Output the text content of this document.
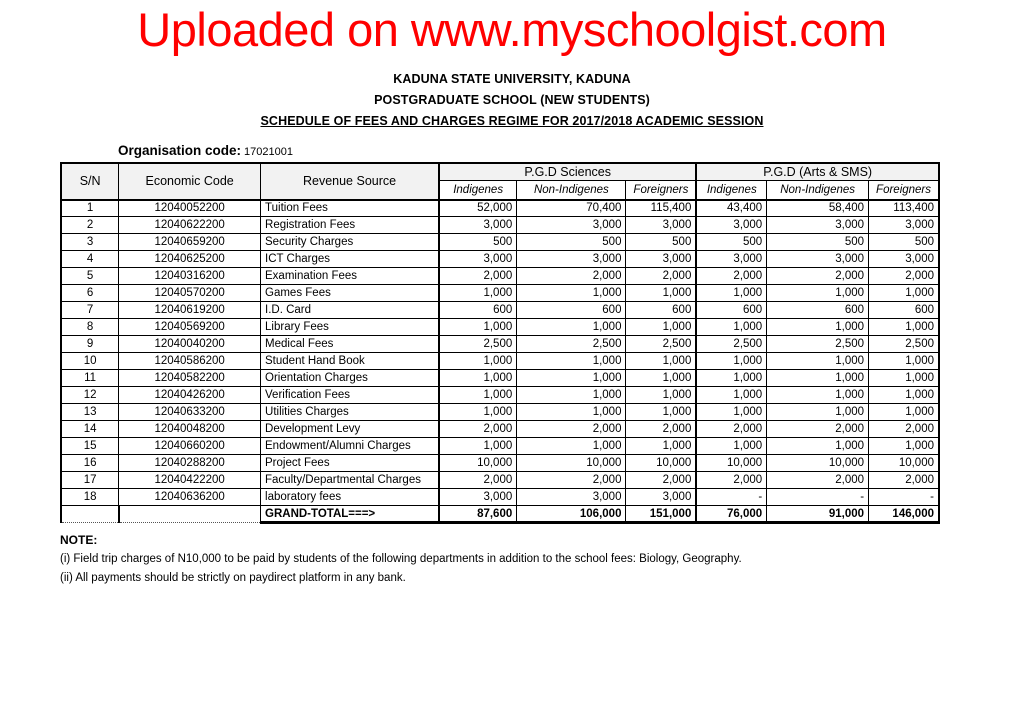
Uploaded on www.myschoolgist.com
KADUNA STATE UNIVERSITY, KADUNA
POSTGRADUATE SCHOOL (NEW STUDENTS)
SCHEDULE OF FEES AND CHARGES REGIME FOR 2017/2018 ACADEMIC SESSION
Organisation code: 17021001
S/N	Economic Code	Revenue Source	P.G.D Sciences			P.G.D (Arts & SMS)		
			Indigenes	Non-Indigenes	Foreigners	Indigenes	Non-Indigenes	Foreigners
1	12040052200	Tuition Fees	52,000	70,400	115,400	43,400	58,400	113,400
2	12040622200	Registration Fees	3,000	3,000	3,000	3,000	3,000	3,000
3	12040659200	Security Charges	500	500	500	500	500	500
4	12040625200	ICT Charges	3,000	3,000	3,000	3,000	3,000	3,000
5	12040316200	Examination Fees	2,000	2,000	2,000	2,000	2,000	2,000
6	12040570200	Games Fees	1,000	1,000	1,000	1,000	1,000	1,000
7	12040619200	I.D. Card	600	600	600	600	600	600
8	12040569200	Library Fees	1,000	1,000	1,000	1,000	1,000	1,000
9	12040040200	Medical Fees	2,500	2,500	2,500	2,500	2,500	2,500
10	12040586200	Student Hand Book	1,000	1,000	1,000	1,000	1,000	1,000
11	12040582200	Orientation Charges	1,000	1,000	1,000	1,000	1,000	1,000
12	12040426200	Verification Fees	1,000	1,000	1,000	1,000	1,000	1,000
13	12040633200	Utilities Charges	1,000	1,000	1,000	1,000	1,000	1,000
14	12040048200	Development Levy	2,000	2,000	2,000	2,000	2,000	2,000
15	12040660200	Endowment/Alumni Charges	1,000	1,000	1,000	1,000	1,000	1,000
16	12040288200	Project Fees	10,000	10,000	10,000	10,000	10,000	10,000
17	12040422200	Faculty/Departmental Charges	2,000	2,000	2,000	2,000	2,000	2,000
18	12040636200	laboratory fees	3,000	3,000	3,000	-	-	-
		GRAND-TOTAL===>	87,600	106,000	151,000	76,000	91,000	146,000
NOTE:
(i) Field trip charges of N10,000 to be paid by students of the following departments in addition to the school fees: Biology, Geography.
(ii) All payments should be strictly on paydirect platform in any bank.
